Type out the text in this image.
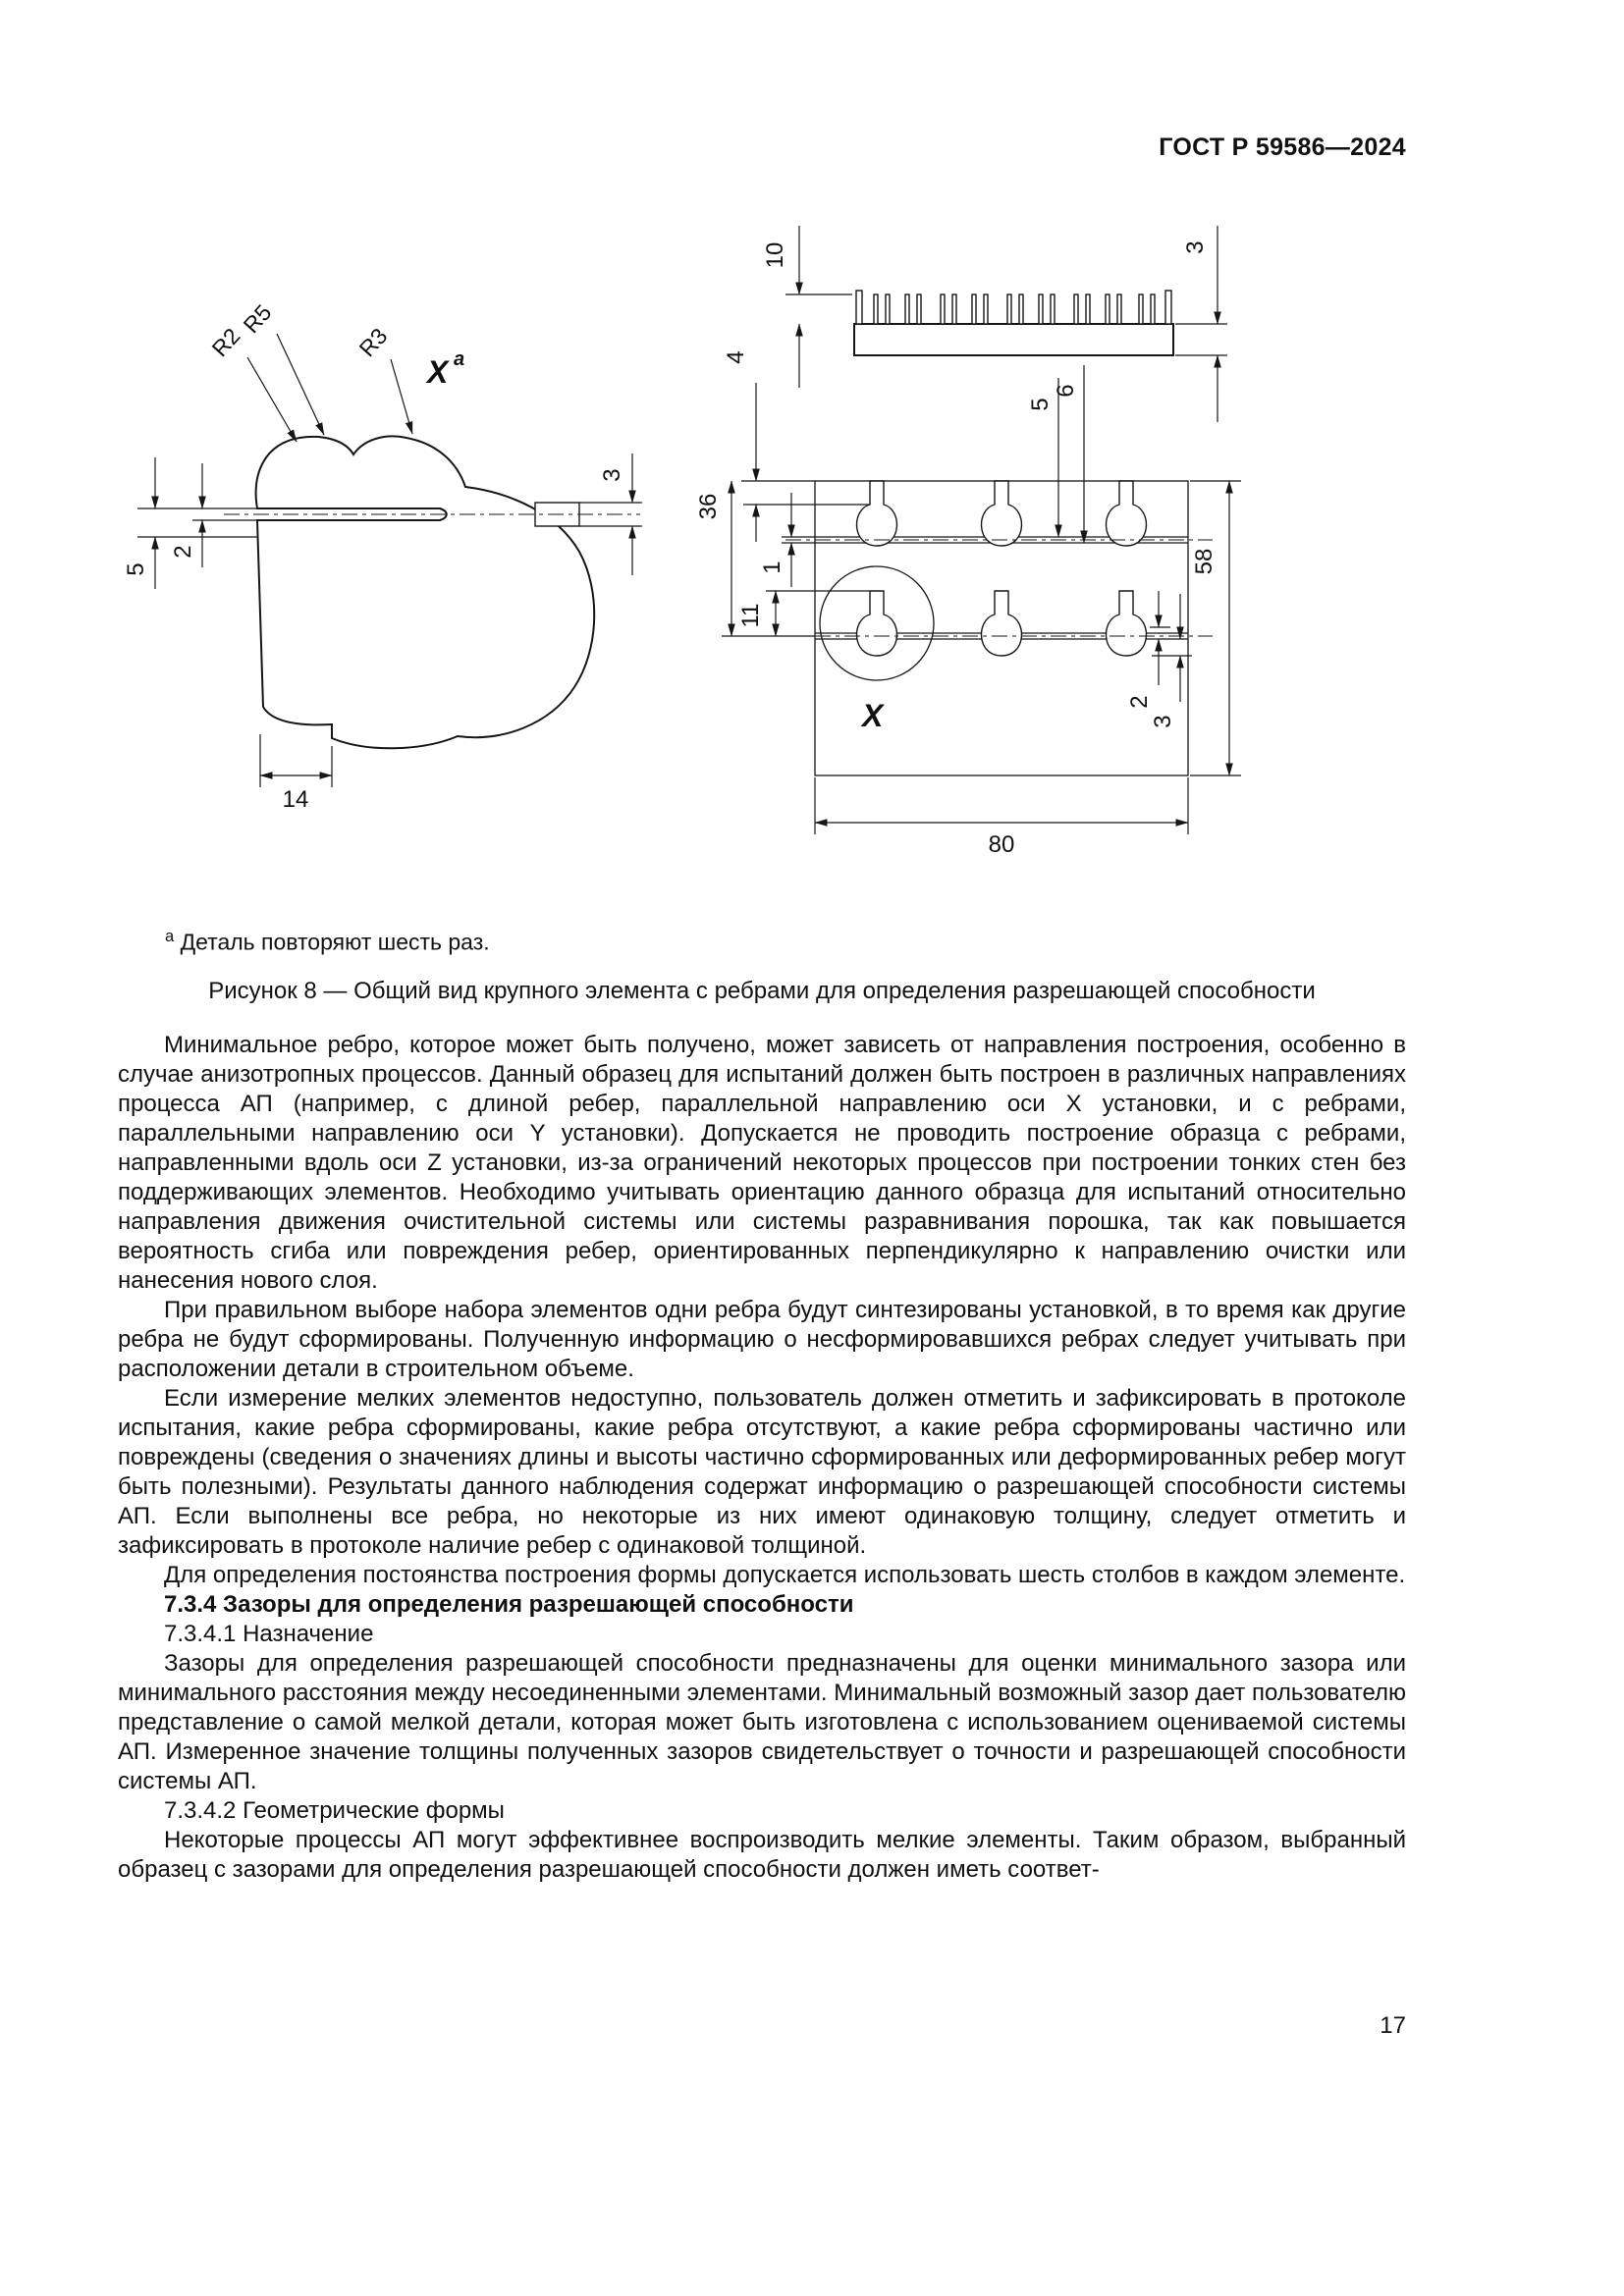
ГОСТ Р 59586—2024
10	3
X a
R5
R2	R3
5
2
3
14
X
4
36
1
11
5
6
58
2
3
80
$^a$ Деталь повторяют шесть раз.
Рисунок 8 — Общий вид крупного элемента с ребрами для определения разрешающей способности

Минимальное ребро, которое может быть получено, может зависеть от направления построения, особенно в случае анизотропных процессов. Данный образец для испытаний должен быть построен в различных направлениях процесса АП (например, с длиной ребер, параллельной направлению оси X установки, и с ребрами, параллельными направлению оси Y установки). Допускается не проводить построение образца с ребрами, направленными вдоль оси Z установки, из-за ограничений некоторых процессов при построении тонких стен без поддерживающих элементов. Необходимо учитывать ориентацию данного образца для испытаний относительно направления движения очистительной системы или системы разравнивания порошка, так как повышается вероятность сгиба или повреждения ребер, ориентированных перпендикулярно к направлению очистки или нанесения нового слоя.

При правильном выборе набора элементов одни ребра будут синтезированы установкой, в то время как другие ребра не будут сформированы. Полученную информацию о несформировавшихся ребрах следует учитывать при расположении детали в строительном объеме.

Если измерение мелких элементов недоступно, пользователь должен отметить и зафиксировать в протоколе испытания, какие ребра сформированы, какие ребра отсутствуют, а какие ребра сформированы частично или повреждены (сведения о значениях длины и высоты частично сформированных или деформированных ребер могут быть полезными). Результаты данного наблюдения содержат информацию о разрешающей способности системы АП. Если выполнены все ребра, но некоторые из них имеют одинаковую толщину, следует отметить и зафиксировать в протоколе наличие ребер с одинаковой толщиной.

Для определения постоянства построения формы допускается использовать шесть столбов в каждом элементе.

7.3.4 Зазоры для определения разрешающей способности

7.3.4.1 Назначение

Зазоры для определения разрешающей способности предназначены для оценки минимального зазора или минимального расстояния между несоединенными элементами. Минимальный возможный зазор дает пользователю представление о самой мелкой детали, которая может быть изготовлена с использованием оцениваемой системы АП. Измеренное значение толщины полученных зазоров свидетельствует о точности и разрешающей способности системы АП.

7.3.4.2 Геометрические формы

Некоторые процессы АП могут эффективнее воспроизводить мелкие элементы. Таким образом, выбранный образец с зазорами для определения разрешающей способности должен иметь соответ-

17
